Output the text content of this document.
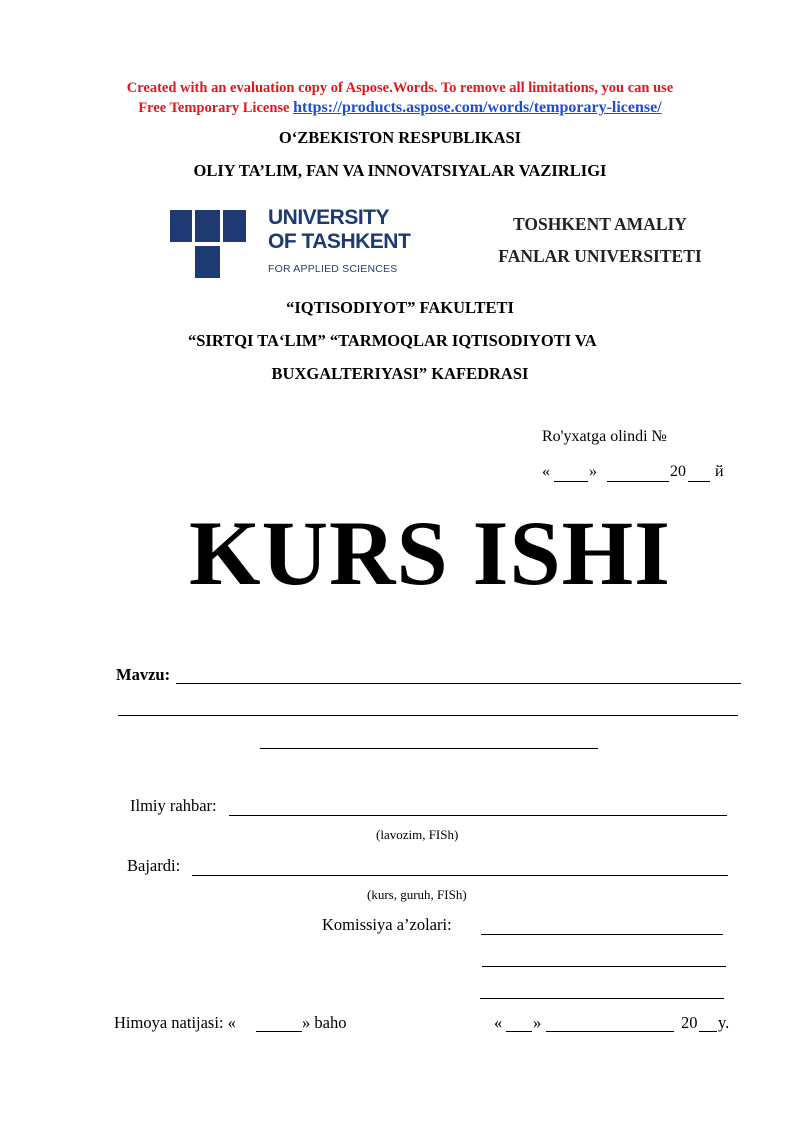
Created with an evaluation copy of Aspose.Words. To remove all limitations, you can use
Free Temporary License https://products.aspose.com/words/temporary-license/
O‘ZBEKISTON RESPUBLIKASI
OLIY TA’LIM, FAN VA INNOVATSIYALAR VAZIRLIGI
UNIVERSITY
OF TASHKENT
FOR APPLIED SCIENCES
TOSHKENT AMALIY
FANLAR UNIVERSITETI
“IQTISODIYOT” FAKULTETI
“SIRTQI TA‘LIM” “TARMOQLAR IQTISODIYOTI VA
BUXGALTERIYASI” KAFEDRASI
Ro'yxatga olindi №
« »	20 й
KURS ISHI
Mavzu:
Ilmiy rahbar:
(lavozim, FISh)
Bajardi:
(kurs, guruh, FISh)
Komissiya a’zolari:
Himoya natijasi: «	» baho	« »	20 y.
